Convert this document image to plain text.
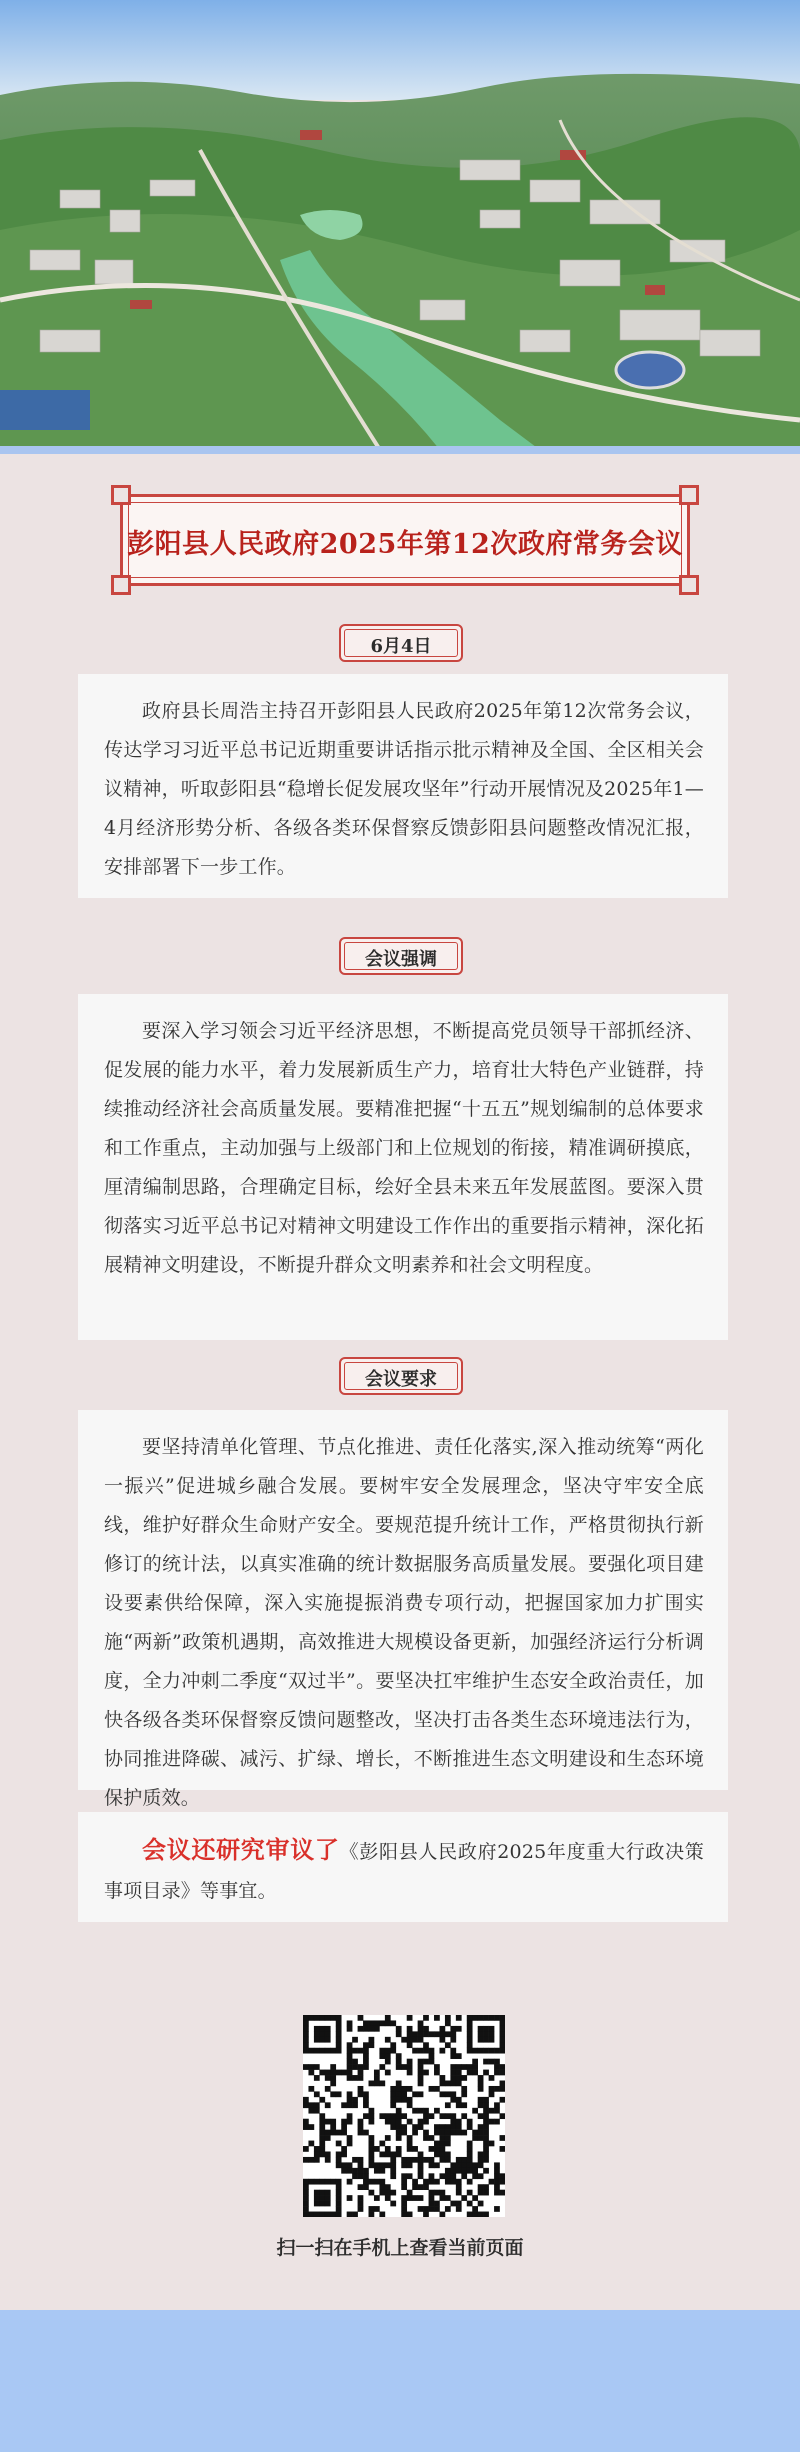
彭阳县人民政府2025年第12次政府常务会议
6月4日

政府县长周浩主持召开彭阳县人民政府2025年第12次常务会议，传达学习习近平总书记近期重要讲话指示批示精神及全国、全区相关会议精神，听取彭阳县“稳增长促发展攻坚年”行动开展情况及2025年1—4月经济形势分析、各级各类环保督察反馈彭阳县问题整改情况汇报，安排部署下一步工作。

会议强调

要深入学习领会习近平经济思想，不断提高党员领导干部抓经济、促发展的能力水平，着力发展新质生产力，培育壮大特色产业链群，持续推动经济社会高质量发展。要精准把握“十五五”规划编制的总体要求和工作重点，主动加强与上级部门和上位规划的衔接，精准调研摸底，厘清编制思路，合理确定目标，绘好全县未来五年发展蓝图。要深入贯彻落实习近平总书记对精神文明建设工作作出的重要指示精神，深化拓展精神文明建设，不断提升群众文明素养和社会文明程度。

会议要求

要坚持清单化管理、节点化推进、责任化落实,深入推动统筹“两化一振兴”促进城乡融合发展。要树牢安全发展理念，坚决守牢安全底线，维护好群众生命财产安全。要规范提升统计工作，严格贯彻执行新修订的统计法，以真实准确的统计数据服务高质量发展。要强化项目建设要素供给保障，深入实施提振消费专项行动，把握国家加力扩围实施“两新”政策机遇期，高效推进大规模设备更新，加强经济运行分析调度，全力冲刺二季度“双过半”。要坚决扛牢维护生态安全政治责任，加快各级各类环保督察反馈问题整改，坚决打击各类生态环境违法行为，协同推进降碳、减污、扩绿、增长，不断推进生态文明建设和生态环境保护质效。

会议还研究审议了《彭阳县人民政府2025年度重大行政决策事项目录》等事宜。

扫一扫在手机上查看当前页面
